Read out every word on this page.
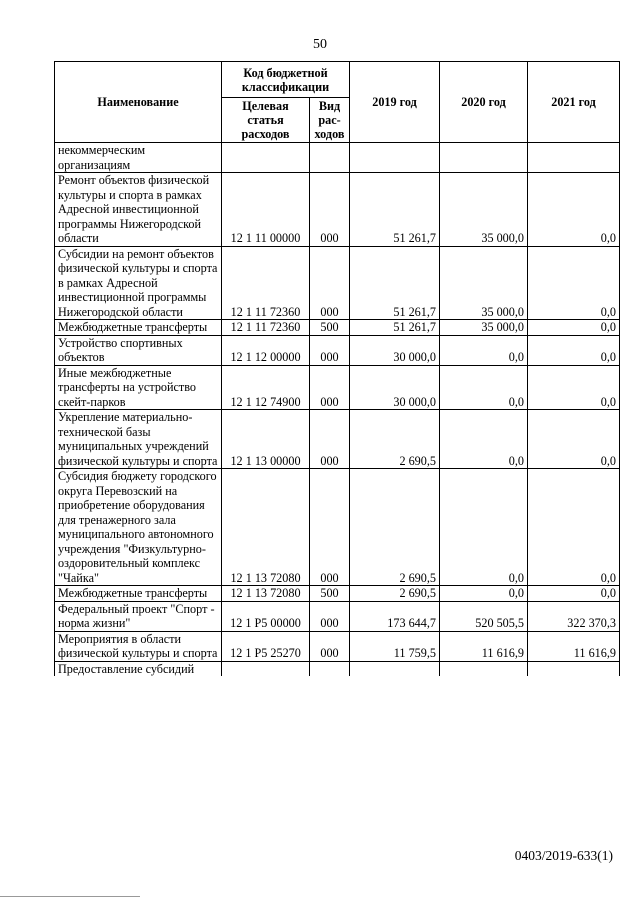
50
Наименование	Код бюджетной классификации		2019 год	2020 год	2021 год
	Целевая статья расходов	Вид рас-ходов			
некоммерческим организациям					
Ремонт объектов физической культуры и спорта в рамках Адресной инвестиционной программы Нижегородской области	12 1 11 00000	000	51 261,7	35 000,0	0,0
Субсидии на ремонт объектов физической культуры и спорта в рамках Адресной инвестиционной программы Нижегородской области	12 1 11 72360	000	51 261,7	35 000,0	0,0
Межбюджетные трансферты	12 1 11 72360	500	51 261,7	35 000,0	0,0
Устройство спортивных объектов	12 1 12 00000	000	30 000,0	0,0	0,0
Иные межбюджетные трансферты на устройство скейт-парков	12 1 12 74900	000	30 000,0	0,0	0,0
Укрепление материально-технической базы муниципальных учреждений физической культуры и спорта	12 1 13 00000	000	2 690,5	0,0	0,0
Субсидия бюджету городского округа Перевозский на приобретение оборудования для тренажерного зала муниципального автономного учреждения "Физкультурно-оздоровительный комплекс "Чайка"	12 1 13 72080	000	2 690,5	0,0	0,0
Межбюджетные трансферты	12 1 13 72080	500	2 690,5	0,0	0,0
Федеральный проект "Спорт - норма жизни"	12 1 P5 00000	000	173 644,7	520 505,5	322 370,3
Мероприятия в области физической культуры и спорта	12 1 P5 25270	000	11 759,5	11 616,9	11 616,9
Предоставление субсидий					
0403/2019-633(1)
